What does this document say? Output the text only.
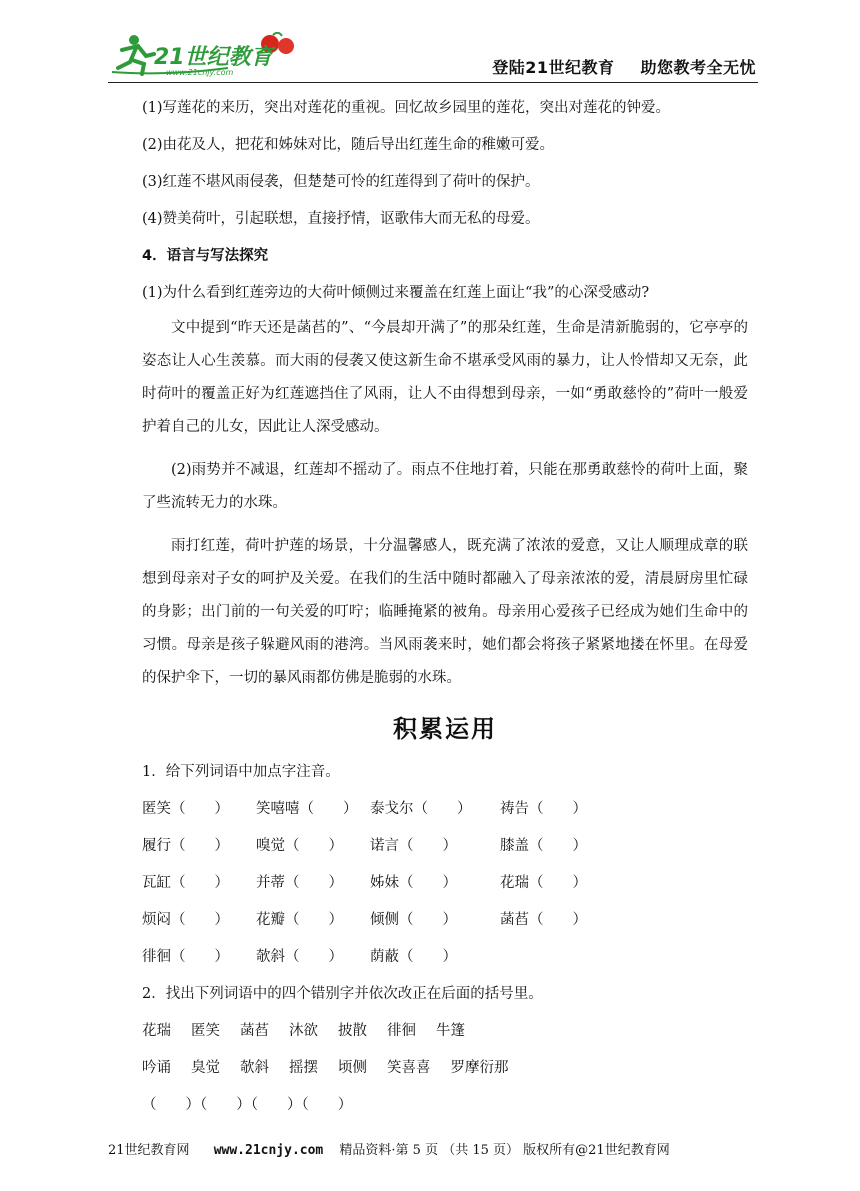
21世纪教育
www.21cnjy.com	登陆21世纪教育 助您教考全无忧

(1)写莲花的来历，突出对莲花的重视。回忆故乡园里的莲花，突出对莲花的钟爱。

(2)由花及人，把花和姊妹对比，随后导出红莲生命的稚嫩可爱。

(3)红莲不堪风雨侵袭，但楚楚可怜的红莲得到了荷叶的保护。

(4)赞美荷叶，引起联想，直接抒情，讴歌伟大而无私的母爱。

4．语言与写法探究

(1)为什么看到红莲旁边的大荷叶倾侧过来覆盖在红莲上面让“我”的心深受感动?

文中提到“昨天还是菡萏的”、“今晨却开满了”的那朵红莲，生命是清新脆弱的，它亭亭的姿态让人心生羡慕。而大雨的侵袭又使这新生命不堪承受风雨的暴力，让人怜惜却又无奈，此时荷叶的覆盖正好为红莲遮挡住了风雨，让人不由得想到母亲，一如“勇敢慈怜的”荷叶一般爱护着自己的儿女，因此让人深受感动。

(2)雨势并不减退，红莲却不摇动了。雨点不住地打着，只能在那勇敢慈怜的荷叶上面，聚了些流转无力的水珠。

雨打红莲，荷叶护莲的场景，十分温馨感人，既充满了浓浓的爱意，又让人顺理成章的联想到母亲对子女的呵护及关爱。在我们的生活中随时都融入了母亲浓浓的爱，清晨厨房里忙碌的身影；出门前的一句关爱的叮咛；临睡掩紧的被角。母亲用心爱孩子已经成为她们生命中的习惯。母亲是孩子躲避风雨的港湾。当风雨袭来时，她们都会将孩子紧紧地搂在怀里。在母爱的保护伞下，一切的暴风雨都仿佛是脆弱的水珠。

积累运用

1．给下列词语中加点字注音。

匿笑（　　）	笑嘻嘻（　　） 泰戈尔（　　）	祷告（　　）
履行（　　）	嗅觉（　　）	诺言（　　）	膝盖（　　）
瓦缸（　　）	并蒂（　　）	姊妹（　　）	花瑞（　　）
烦闷（　　）	花瓣（　　）	倾侧（　　）	菡萏（　　）
徘徊（　　）	欹斜（　　）	荫蔽（　　）

2．找出下列词语中的四个错别字并依次改正在后面的括号里。

花瑞 匿笑 菡萏 沐欲 披散 徘徊 牛篷

吟诵 臭觉 欹斜 摇摆 顷侧 笑喜喜 罗摩衍那

（　　）（　　）（　　）（　　）

21世纪教育网 www.21cnjy.com 精品资料·第 5 页 （共 15 页） 版权所有@21世纪教育网
